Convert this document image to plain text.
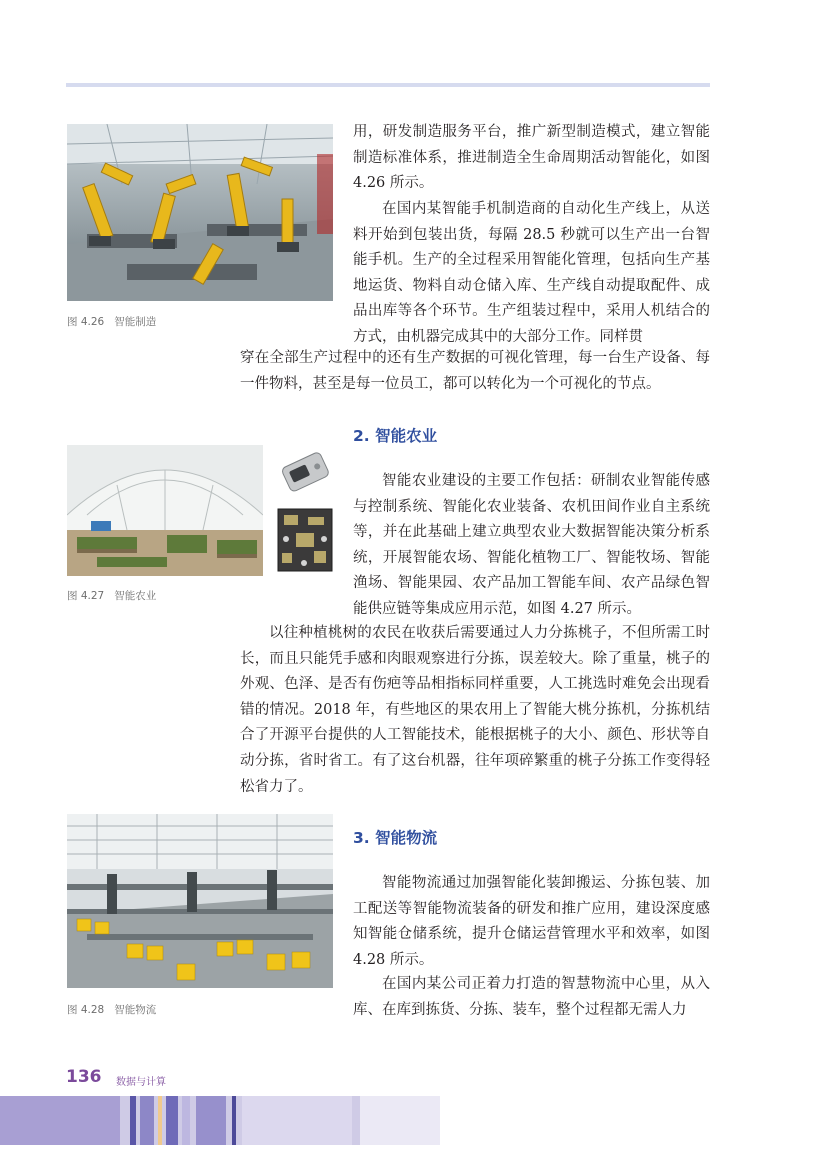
图 4.26 智能制造

用，研发制造服务平台，推广新型制造模式，建立智能制造标准体系，推进制造全生命周期活动智能化，如图 4.26 所示。

在国内某智能手机制造商的自动化生产线上，从送料开始到包装出货，每隔 28.5 秒就可以生产出一台智能手机。生产的全过程采用智能化管理，包括向生产基地运货、物料自动仓储入库、生产线自动提取配件、成品出库等各个环节。生产组装过程中，采用人机结合的方式，由机器完成其中的大部分工作。同样贯

穿在全部生产过程中的还有生产数据的可视化管理，每一台生产设备、每一件物料，甚至是每一位员工，都可以转化为一个可视化的节点。

2. 智能农业

图 4.27 智能农业

智能农业建设的主要工作包括：研制农业智能传感与控制系统、智能化农业装备、农机田间作业自主系统等，并在此基础上建立典型农业大数据智能决策分析系统，开展智能农场、智能化植物工厂、智能牧场、智能渔场、智能果园、农产品加工智能车间、农产品绿色智能供应链等集成应用示范，如图 4.27 所示。

以往种植桃树的农民在收获后需要通过人力分拣桃子，不但所需工时长，而且只能凭手感和肉眼观察进行分拣，误差较大。除了重量，桃子的外观、色泽、是否有伤疤等品相指标同样重要，人工挑选时难免会出现看错的情况。2018 年，有些地区的果农用上了智能大桃分拣机，分拣机结合了开源平台提供的人工智能技术，能根据桃子的大小、颜色、形状等自动分拣，省时省工。有了这台机器，往年项碎繁重的桃子分拣工作变得轻松省力了。

图 4.28 智能物流

3. 智能物流

智能物流通过加强智能化装卸搬运、分拣包装、加工配送等智能物流装备的研发和推广应用，建设深度感知智能仓储系统，提升仓储运营管理水平和效率，如图 4.28 所示。

在国内某公司正着力打造的智慧物流中心里，从入库、在库到拣货、分拣、装车，整个过程都无需人力

136 数据与计算
